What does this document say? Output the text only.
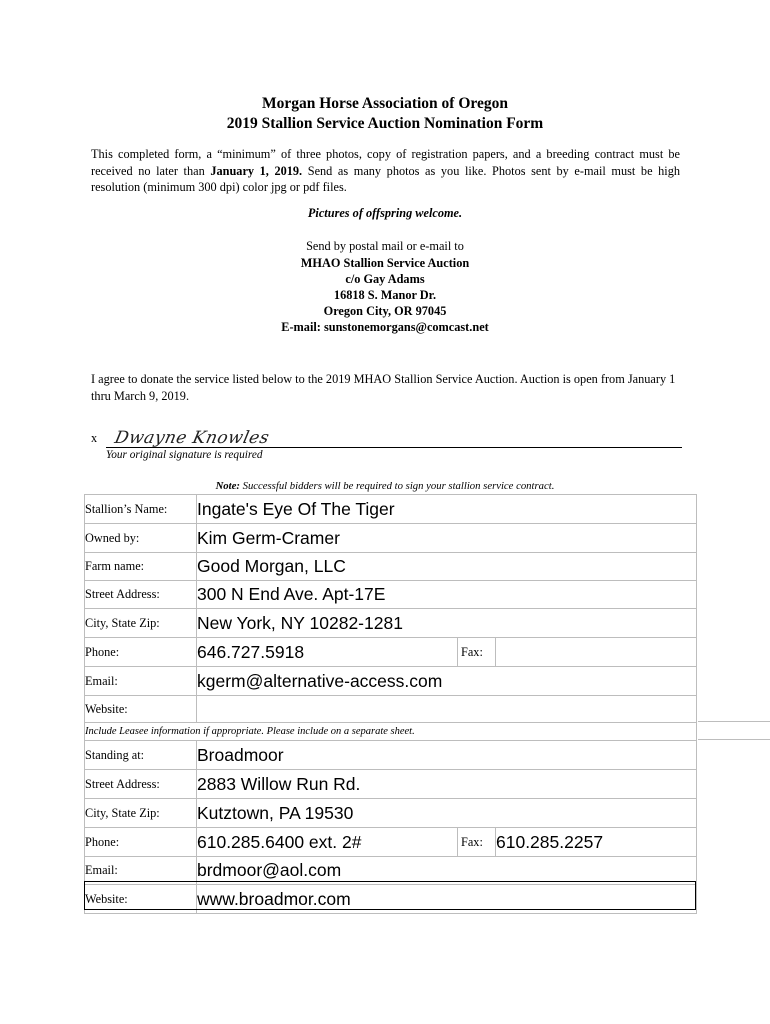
Morgan Horse Association of Oregon
2019 Stallion Service Auction Nomination Form
This completed form, a “minimum” of three photos, copy of registration papers, and a breeding contract must be received no later than January 1, 2019. Send as many photos as you like. Photos sent by e-mail must be high resolution (minimum 300 dpi) color jpg or pdf files.
Pictures of offspring welcome.
Send by postal mail or e-mail to
MHAO Stallion Service Auction
c/o Gay Adams
16818 S. Manor Dr.
Oregon City, OR 97045
E-mail: sunstonemorgans@comcast.net
I agree to donate the service listed below to the 2019 MHAO Stallion Service Auction. Auction is open from January 1 thru March 9, 2019.
x Dwayne Knowles
Your original signature is required
Note: Successful bidders will be required to sign your stallion service contract.
Stallion’s Name:	Ingate's Eye Of The Tiger		
Owned by:	Kim Germ-Cramer		
Farm name:	Good Morgan, LLC		
Street Address:	300 N End Ave. Apt-17E		
City, State Zip:	New York, NY 10282-1281		
Phone:	646.727.5918	Fax:	
Email:	kgerm@alternative-access.com		
Website:			
Include Leasee information if appropriate. Please include on a separate sheet.			
Standing at:	Broadmoor		
Street Address:	2883 Willow Run Rd.		
City, State Zip:	Kutztown, PA 19530		
Phone:	610.285.6400 ext. 2#	Fax:	610.285.2257
Email:	brdmoor@aol.com		
Website:	www.broadmor.com		
